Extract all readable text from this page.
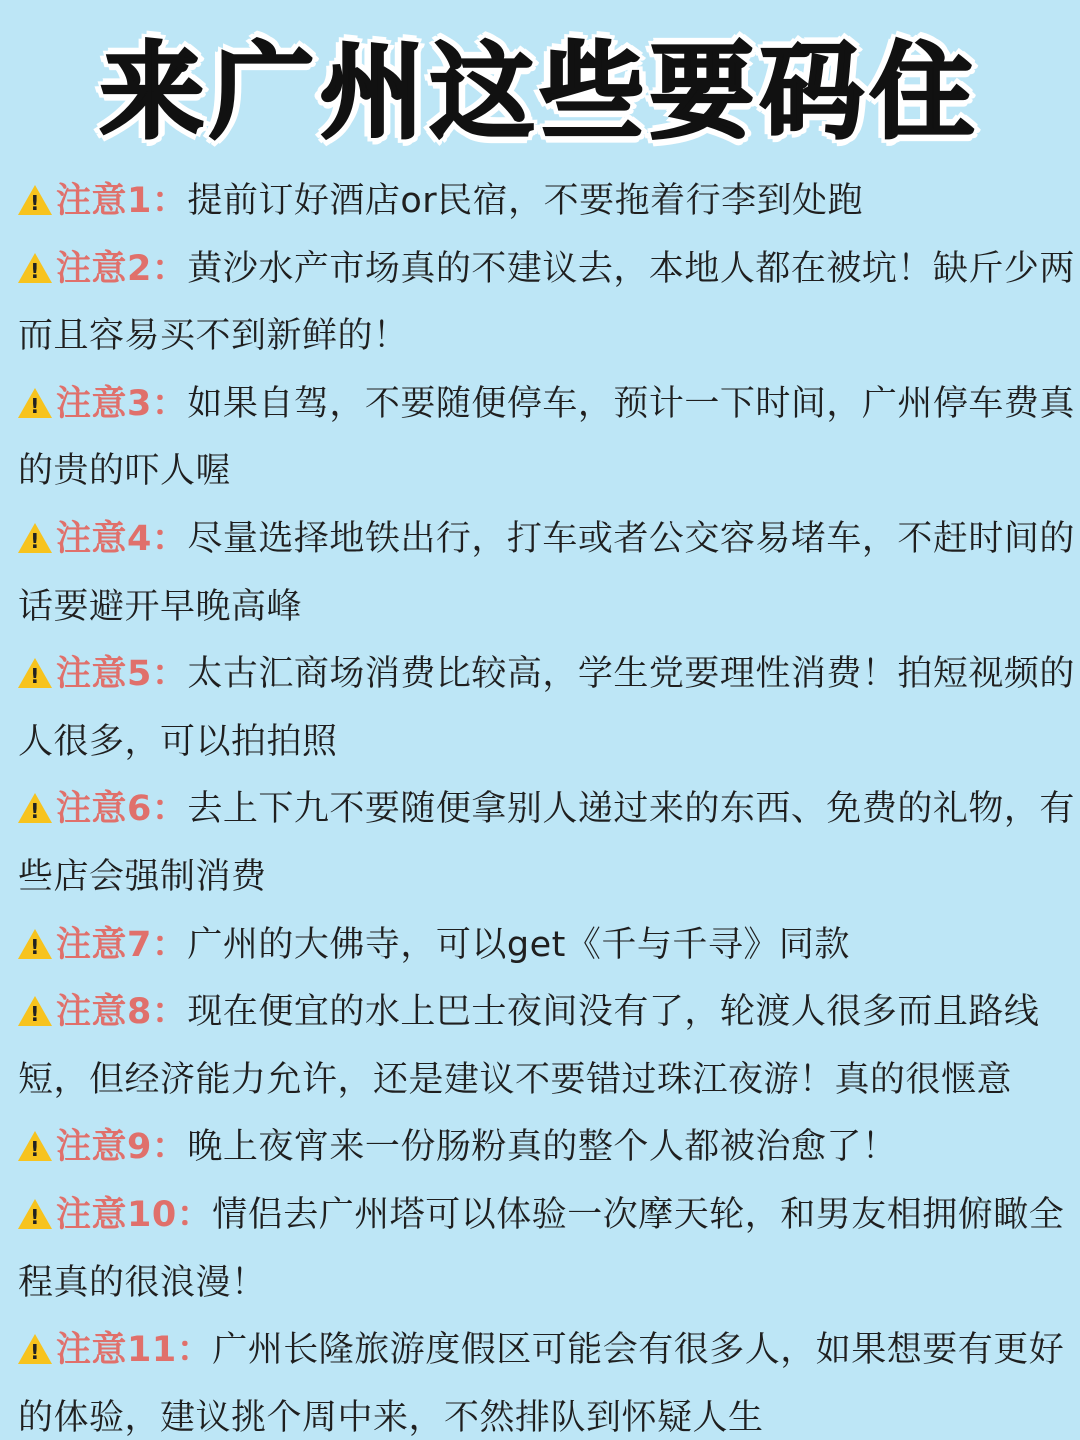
来广州这些要码住
! 注意1：提前订好酒店or民宿，不要拖着行李到处跑
! 注意2：黄沙水产市场真的不建议去，本地人都在被坑！缺斤少两而且容易买不到新鲜的！
! 注意3：如果自驾，不要随便停车，预计一下时间，广州停车费真的贵的吓人喔
! 注意4：尽量选择地铁出行，打车或者公交容易堵车，不赶时间的话要避开早晚高峰
! 注意5：太古汇商场消费比较高，学生党要理性消费！拍短视频的人很多，可以拍拍照
! 注意6：去上下九不要随便拿别人递过来的东西、免费的礼物，有些店会强制消费
! 注意7：广州的大佛寺，可以get《千与千寻》同款
! 注意8：现在便宜的水上巴士夜间没有了，轮渡人很多而且路线短，但经济能力允许，还是建议不要错过珠江夜游！真的很惬意
! 注意9：晚上夜宵来一份肠粉真的整个人都被治愈了！
! 注意10：情侣去广州塔可以体验一次摩天轮，和男友相拥俯瞰全程真的很浪漫！
! 注意11：广州长隆旅游度假区可能会有很多人，如果想要有更好的体验，建议挑个周中来，不然排队到怀疑人生
